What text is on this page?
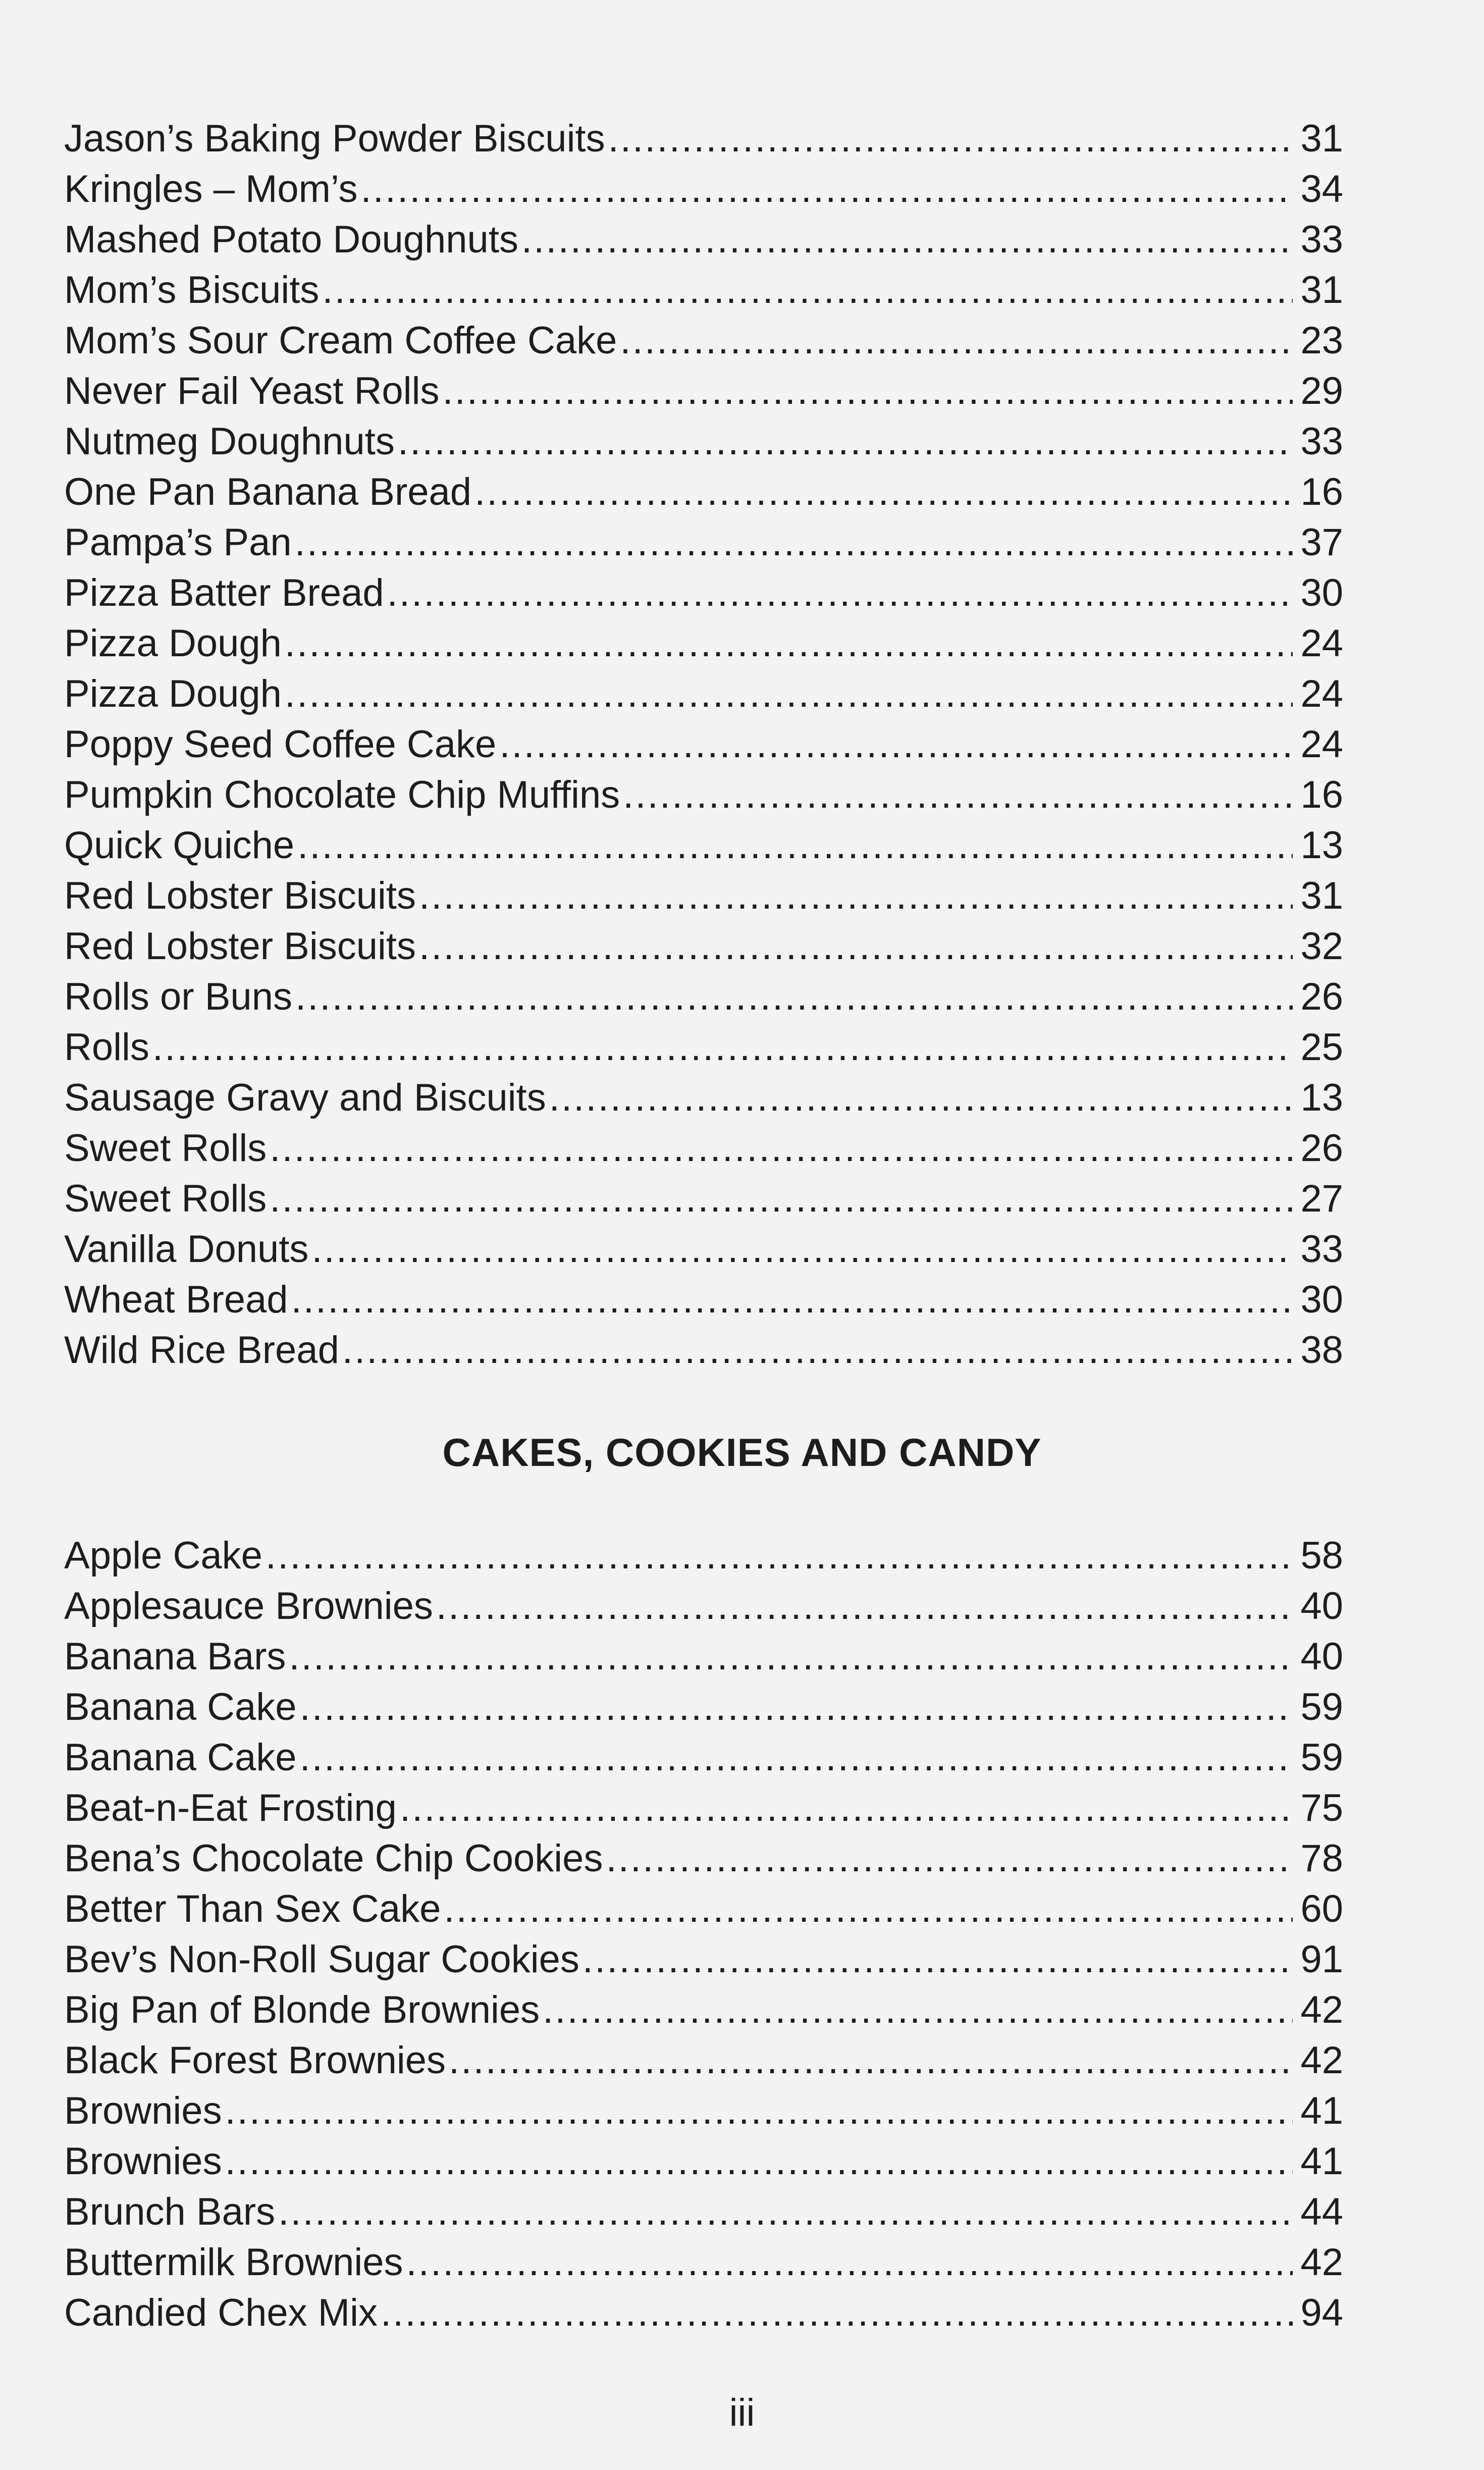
Jason’s Baking Powder Biscuits . . .	31
Kringles – Mom’s . . .	34
Mashed Potato Doughnuts . . .	33
Mom’s Biscuits . . .	31
Mom’s Sour Cream Coffee Cake . . .	23
Never Fail Yeast Rolls . . .	29
Nutmeg Doughnuts . . .	33
One Pan Banana Bread . . .	16
Pampa’s Pan . . .	37
Pizza Batter Bread . . .	30
Pizza Dough . . .	24
Pizza Dough . . .	24
Poppy Seed Coffee Cake . . .	24
Pumpkin Chocolate Chip Muffins . . .	16
Quick Quiche . . .	13
Red Lobster Biscuits . . .	31
Red Lobster Biscuits . . .	32
Rolls or Buns . . .	26
Rolls . . .	25
Sausage Gravy and Biscuits . . .	13
Sweet Rolls . . .	26
Sweet Rolls . . .	27
Vanilla Donuts . . .	33
Wheat Bread . . .	30
Wild Rice Bread . . .	38
CAKES, COOKIES AND CANDY
Apple Cake . . .	58
Applesauce Brownies . . .	40
Banana Bars . . .	40
Banana Cake . . .	59
Banana Cake . . .	59
Beat-n-Eat Frosting . . .	75
Bena’s Chocolate Chip Cookies . . .	78
Better Than Sex Cake . . .	60
Bev’s Non-Roll Sugar Cookies . . .	91
Big Pan of Blonde Brownies . . .	42
Black Forest Brownies . . .	42
Brownies . . .	41
Brownies . . .	41
Brunch Bars . . .	44
Buttermilk Brownies . . .	42
Candied Chex Mix . . .	94
iii
